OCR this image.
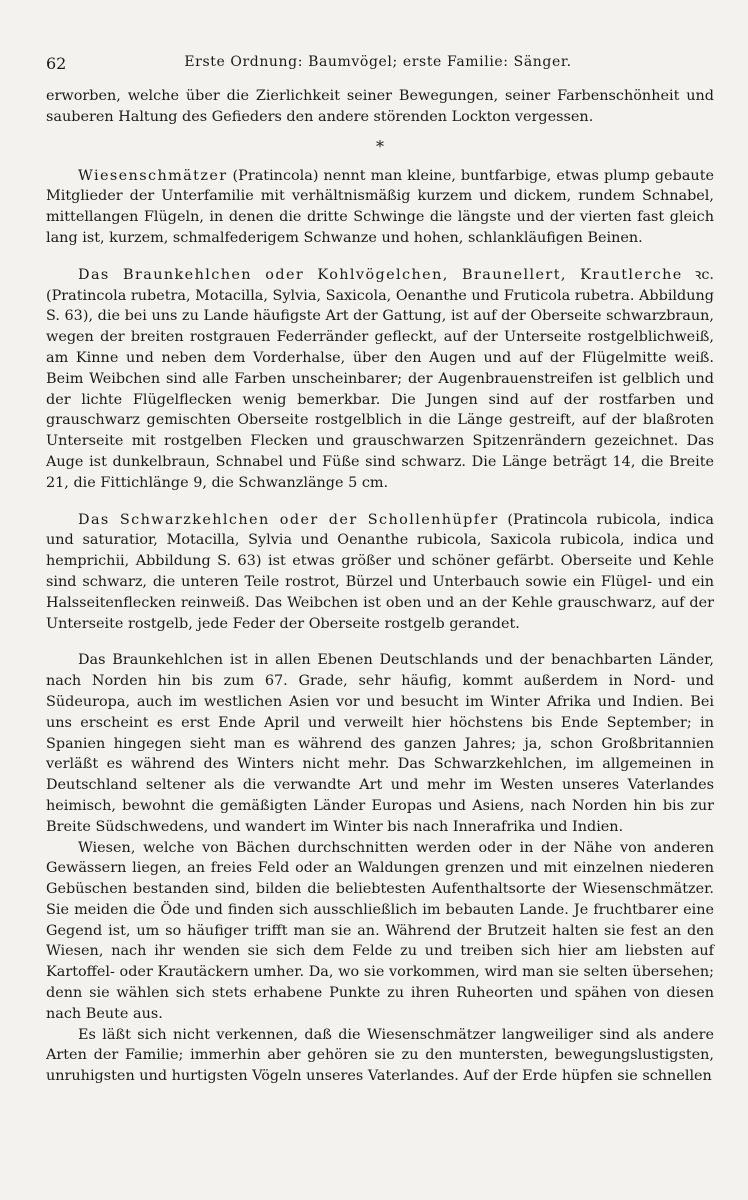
62	Erste Ordnung: Baumvögel; erste Familie: Sänger.

erworben, welche über die Zierlichkeit seiner Bewegungen, seiner Farbenschönheit und sauberen Haltung des Gefieders den andere störenden Lockton vergessen.

*

Wiesenschmätzer (Pratincola) nennt man kleine, buntfarbige, etwas plump gebaute Mitglieder der Unterfamilie mit verhältnismäßig kurzem und dickem, rundem Schnabel, mittellangen Flügeln, in denen die dritte Schwinge die längste und der vierten fast gleich lang ist, kurzem, schmalfederigem Schwanze und hohen, schlankläufigen Beinen.

Das Braunkehlchen oder Kohlvögelchen, Braunellert, Krautlerche ꝛc. (Pratincola rubetra, Motacilla, Sylvia, Saxicola, Oenanthe und Fruticola rubetra. Abbildung S. 63), die bei uns zu Lande häufigste Art der Gattung, ist auf der Oberseite schwarzbraun, wegen der breiten rostgrauen Federränder gefleckt, auf der Unterseite rostgelblichweiß, am Kinne und neben dem Vorderhalse, über den Augen und auf der Flügelmitte weiß. Beim Weibchen sind alle Farben unscheinbarer; der Augenbrauenstreifen ist gelblich und der lichte Flügelflecken wenig bemerkbar. Die Jungen sind auf der rostfarben und grauschwarz gemischten Oberseite rostgelblich in die Länge gestreift, auf der blaßroten Unterseite mit rostgelben Flecken und grauschwarzen Spitzenrändern gezeichnet. Das Auge ist dunkelbraun, Schnabel und Füße sind schwarz. Die Länge beträgt 14, die Breite 21, die Fittichlänge 9, die Schwanzlänge 5 cm.

Das Schwarzkehlchen oder der Schollenhüpfer (Pratincola rubicola, indica und saturatior, Motacilla, Sylvia und Oenanthe rubicola, Saxicola rubicola, indica und hemprichii, Abbildung S. 63) ist etwas größer und schöner gefärbt. Oberseite und Kehle sind schwarz, die unteren Teile rostrot, Bürzel und Unterbauch sowie ein Flügel- und ein Halsseitenflecken reinweiß. Das Weibchen ist oben und an der Kehle grauschwarz, auf der Unterseite rostgelb, jede Feder der Oberseite rostgelb gerandet.

Das Braunkehlchen ist in allen Ebenen Deutschlands und der benachbarten Länder, nach Norden hin bis zum 67. Grade, sehr häufig, kommt außerdem in Nord- und Südeuropa, auch im westlichen Asien vor und besucht im Winter Afrika und Indien. Bei uns erscheint es erst Ende April und verweilt hier höchstens bis Ende September; in Spanien hingegen sieht man es während des ganzen Jahres; ja, schon Großbritannien verläßt es während des Winters nicht mehr. Das Schwarzkehlchen, im allgemeinen in Deutschland seltener als die verwandte Art und mehr im Westen unseres Vaterlandes heimisch, bewohnt die gemäßigten Länder Europas und Asiens, nach Norden hin bis zur Breite Südschwedens, und wandert im Winter bis nach Innerafrika und Indien.

Wiesen, welche von Bächen durchschnitten werden oder in der Nähe von anderen Gewässern liegen, an freies Feld oder an Waldungen grenzen und mit einzelnen niederen Gebüschen bestanden sind, bilden die beliebtesten Aufenthaltsorte der Wiesenschmätzer. Sie meiden die Öde und finden sich ausschließlich im bebauten Lande. Je fruchtbarer eine Gegend ist, um so häufiger trifft man sie an. Während der Brutzeit halten sie fest an den Wiesen, nach ihr wenden sie sich dem Felde zu und treiben sich hier am liebsten auf Kartoffel- oder Krautäckern umher. Da, wo sie vorkommen, wird man sie selten übersehen; denn sie wählen sich stets erhabene Punkte zu ihren Ruheorten und spähen von diesen nach Beute aus.

Es läßt sich nicht verkennen, daß die Wiesenschmätzer langweiliger sind als andere Arten der Familie; immerhin aber gehören sie zu den muntersten, bewegungslustigsten, unruhigsten und hurtigsten Vögeln unseres Vaterlandes. Auf der Erde hüpfen sie schnellen
